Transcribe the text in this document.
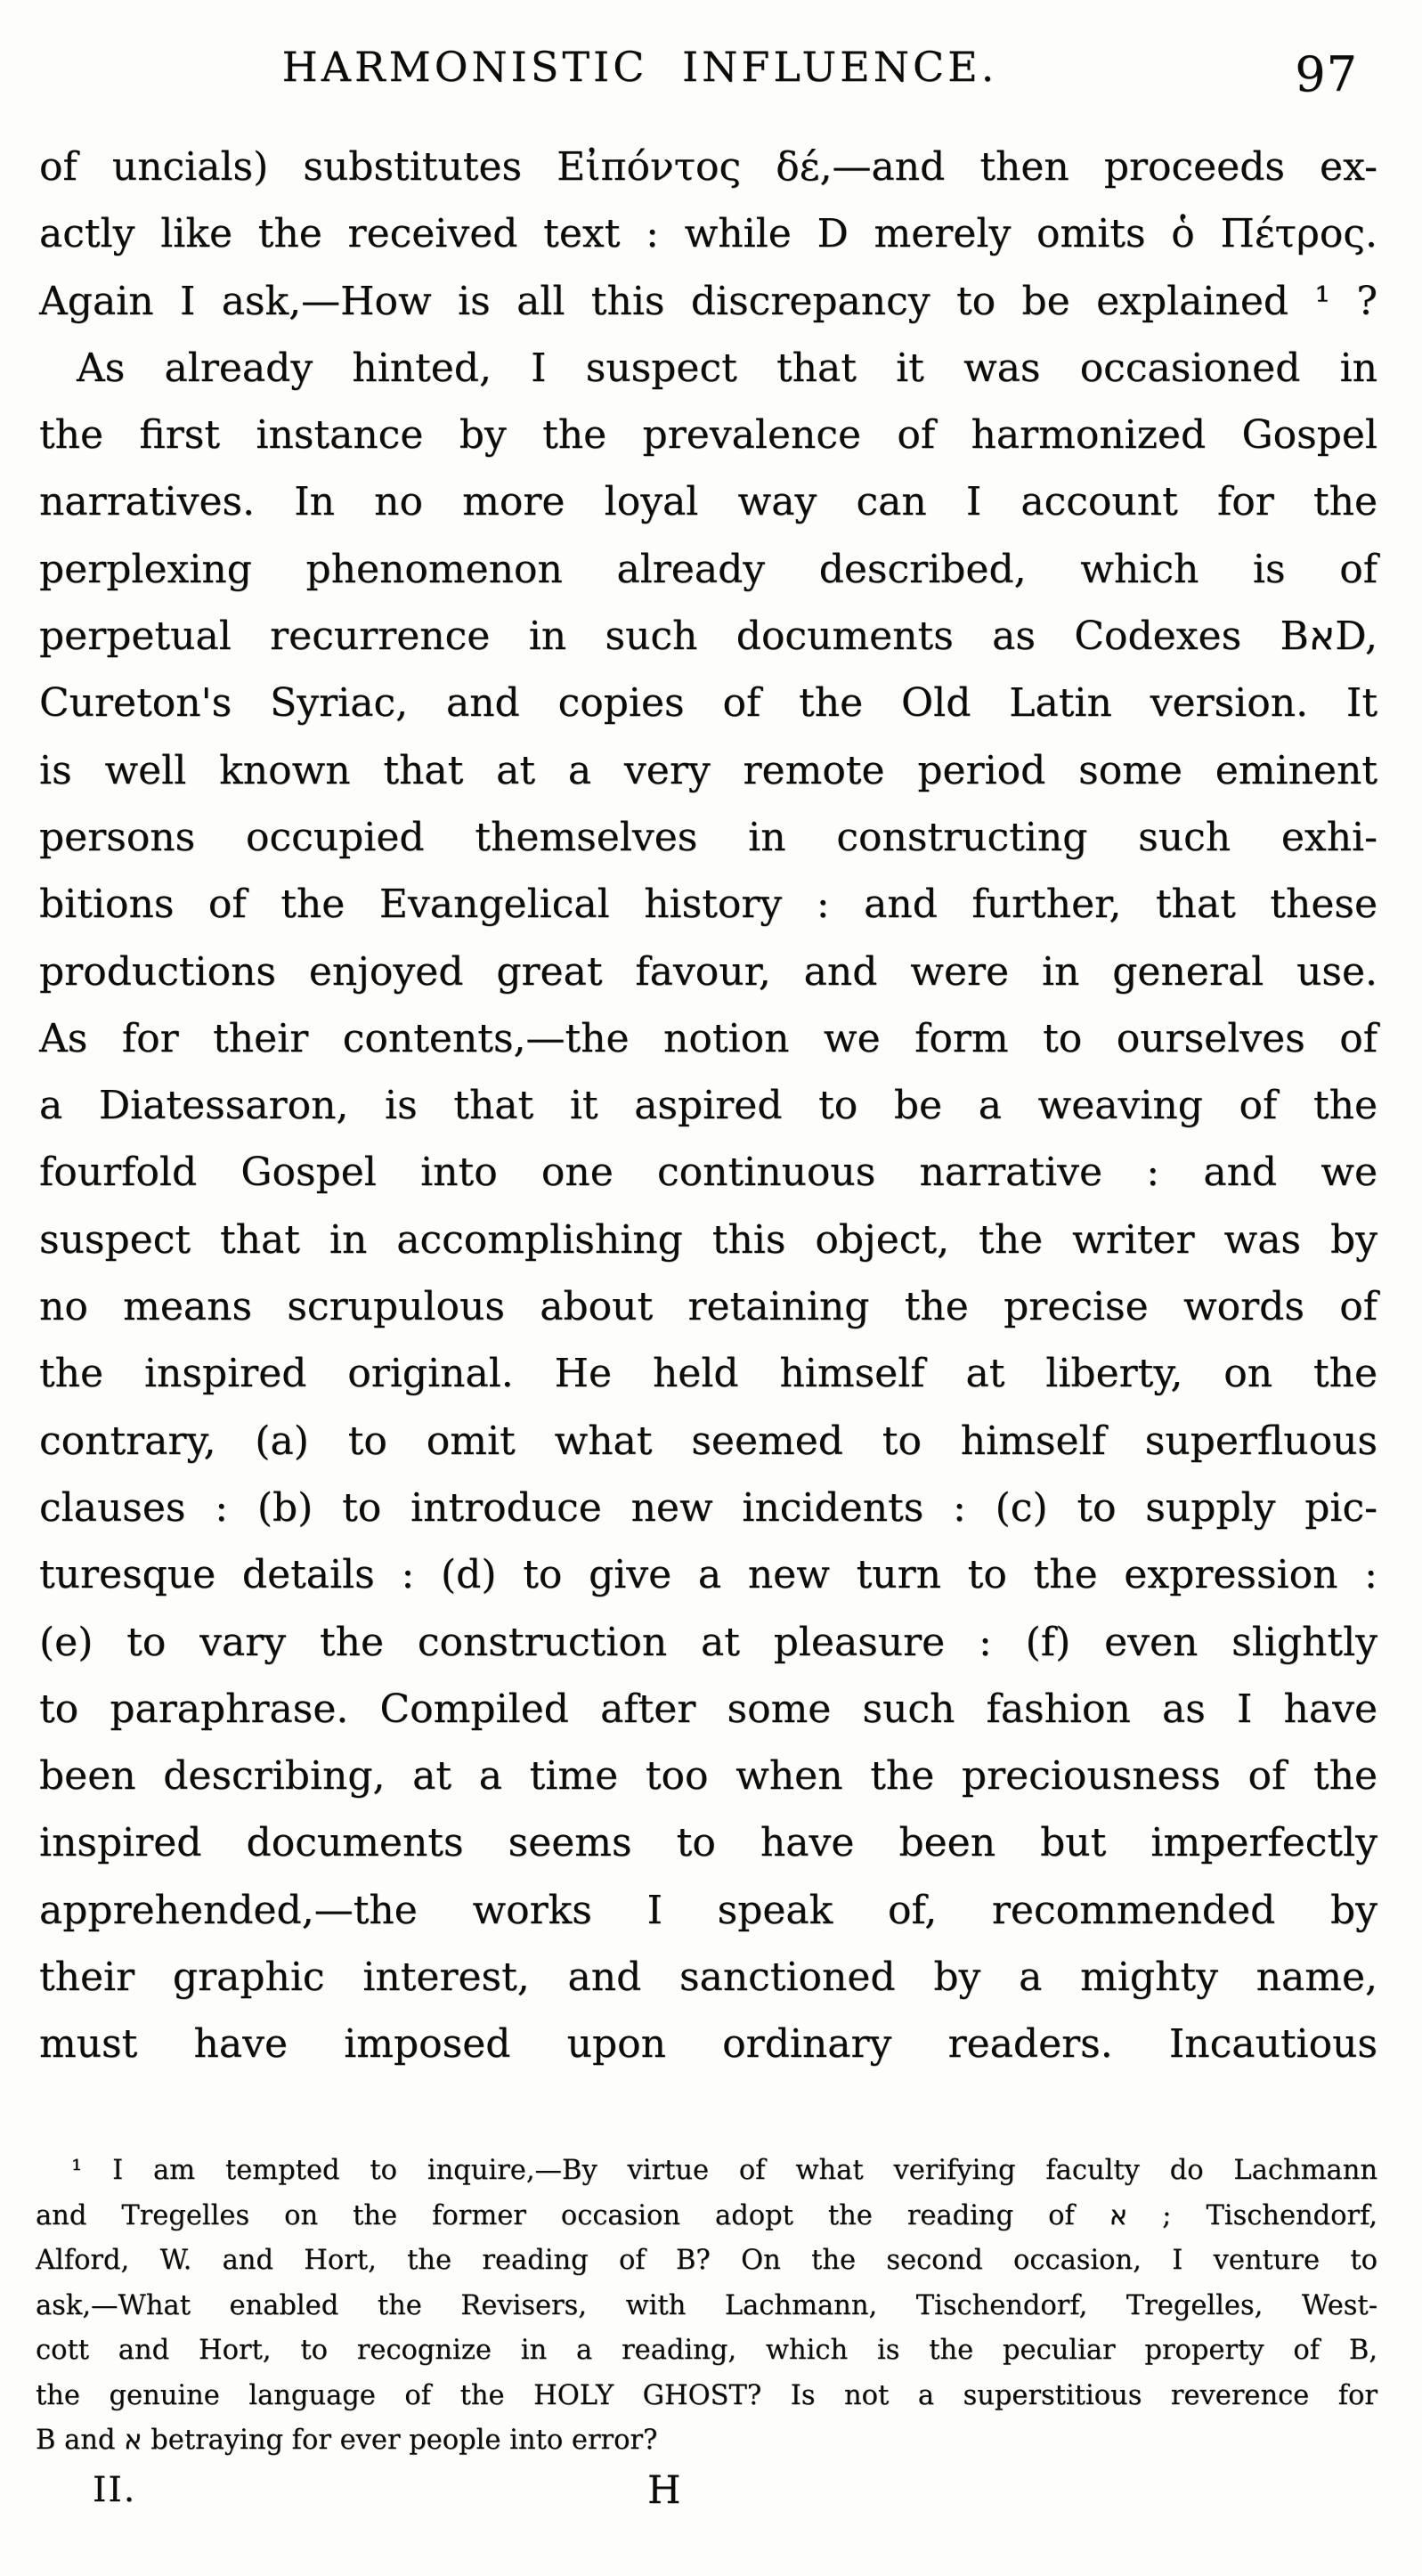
HARMONISTIC INFLUENCE.	97
of uncials) substitutes Εἰπόντος δέ,—and then proceeds ex-
actly like the received text : while D merely omits ὁ Πέτρος.
Again I ask,—How is all this discrepancy to be explained ¹ ?
As already hinted, I suspect that it was occasioned in
the first instance by the prevalence of harmonized Gospel
narratives. In no more loyal way can I account for the
perplexing phenomenon already described, which is of
perpetual recurrence in such documents as Codexes BאD,
Cureton's Syriac, and copies of the Old Latin version. It
is well known that at a very remote period some eminent
persons occupied themselves in constructing such exhi-
bitions of the Evangelical history : and further, that these
productions enjoyed great favour, and were in general use.
As for their contents,—the notion we form to ourselves of
a Diatessaron, is that it aspired to be a weaving of the
fourfold Gospel into one continuous narrative : and we
suspect that in accomplishing this object, the writer was by
no means scrupulous about retaining the precise words of
the inspired original. He held himself at liberty, on the
contrary, (a) to omit what seemed to himself superfluous
clauses : (b) to introduce new incidents : (c) to supply pic-
turesque details : (d) to give a new turn to the expression :
(e) to vary the construction at pleasure : (f) even slightly
to paraphrase. Compiled after some such fashion as I have
been describing, at a time too when the preciousness of the
inspired documents seems to have been but imperfectly
apprehended,—the works I speak of, recommended by
their graphic interest, and sanctioned by a mighty name,
must have imposed upon ordinary readers. Incautious
¹ I am tempted to inquire,—By virtue of what verifying faculty do Lachmann
and Tregelles on the former occasion adopt the reading of א ; Tischendorf,
Alford, W. and Hort, the reading of B? On the second occasion, I venture to
ask,—What enabled the Revisers, with Lachmann, Tischendorf, Tregelles, West-
cott and Hort, to recognize in a reading, which is the peculiar property of B,
the genuine language of the HOLY GHOST? Is not a superstitious reverence for
B and א betraying for ever people into error?
II.	H
